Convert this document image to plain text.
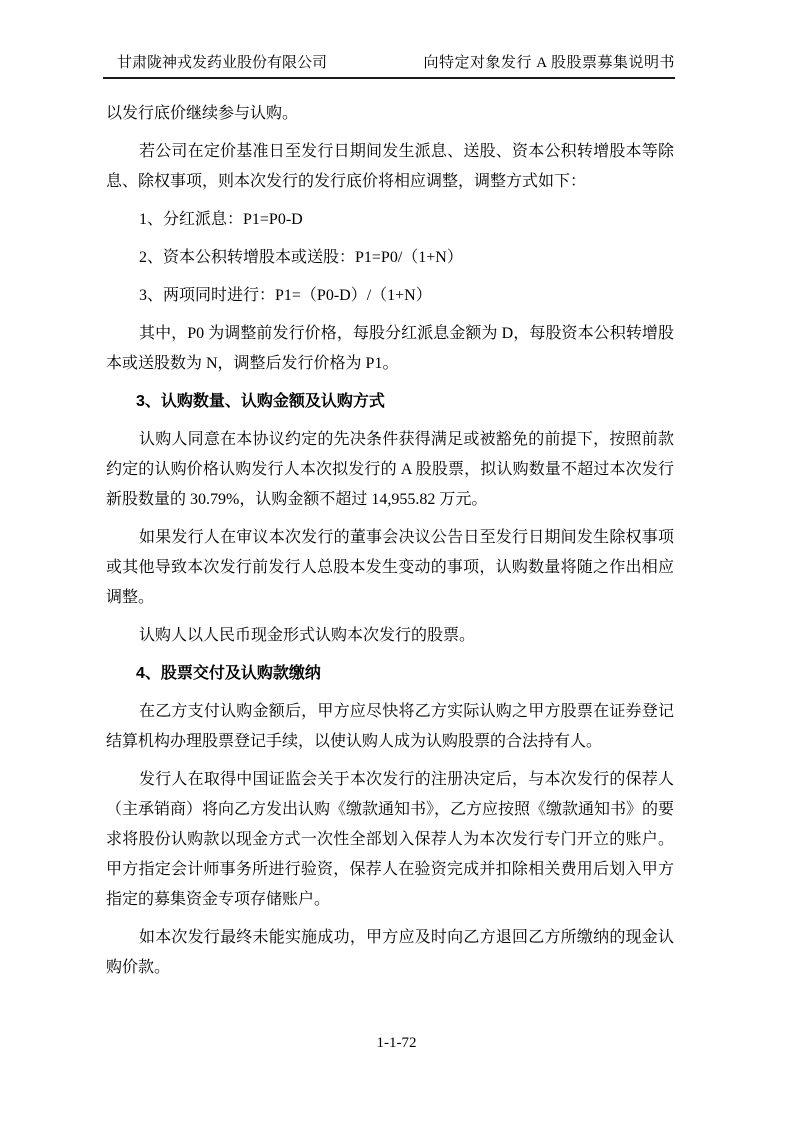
甘肃陇神戎发药业股份有限公司	向特定对象发行 A 股股票募集说明书

以发行底价继续参与认购。

若公司在定价基准日至发行日期间发生派息、送股、资本公积转增股本等除息、除权事项，则本次发行的发行底价将相应调整，调整方式如下：

1、分红派息：P1=P0-D

2、资本公积转增股本或送股：P1=P0/（1+N）

3、两项同时进行：P1=（P0-D）/（1+N）

其中，P0 为调整前发行价格，每股分红派息金额为 D，每股资本公积转增股本或送股数为 N，调整后发行价格为 P1。

3、认购数量、认购金额及认购方式

认购人同意在本协议约定的先决条件获得满足或被豁免的前提下，按照前款约定的认购价格认购发行人本次拟发行的 A 股股票，拟认购数量不超过本次发行新股数量的 30.79%，认购金额不超过 14,955.82 万元。

如果发行人在审议本次发行的董事会决议公告日至发行日期间发生除权事项或其他导致本次发行前发行人总股本发生变动的事项，认购数量将随之作出相应调整。

认购人以人民币现金形式认购本次发行的股票。

4、股票交付及认购款缴纳

在乙方支付认购金额后，甲方应尽快将乙方实际认购之甲方股票在证券登记结算机构办理股票登记手续，以使认购人成为认购股票的合法持有人。

发行人在取得中国证监会关于本次发行的注册决定后，与本次发行的保荐人（主承销商）将向乙方发出认购《缴款通知书》，乙方应按照《缴款通知书》的要求将股份认购款以现金方式一次性全部划入保荐人为本次发行专门开立的账户。甲方指定会计师事务所进行验资，保荐人在验资完成并扣除相关费用后划入甲方指定的募集资金专项存储账户。

如本次发行最终未能实施成功，甲方应及时向乙方退回乙方所缴纳的现金认购价款。

1-1-72
